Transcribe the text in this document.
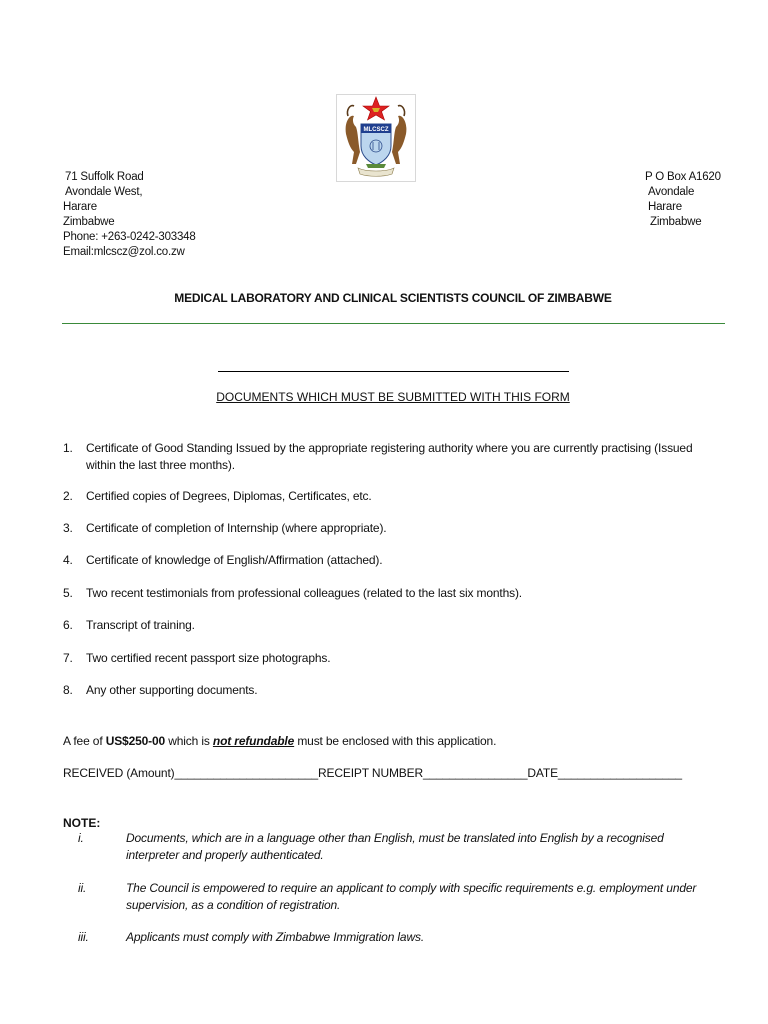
MLCSCZ
71 Suffolk Road
Avondale West,
Harare
Zimbabwe
Phone: +263-0242-303348
Email:mlcscz@zol.co.zw
P O Box A1620
Avondale
Harare
Zimbabwe
MEDICAL LABORATORY AND CLINICAL SCIENTISTS COUNCIL OF ZIMBABWE
DOCUMENTS WHICH MUST BE SUBMITTED WITH THIS FORM
1. Certificate of Good Standing Issued by the appropriate registering authority where you are currently practising (Issued within the last three months).
2. Certified copies of Degrees, Diplomas, Certificates, etc.
3. Certificate of completion of Internship (where appropriate).
4. Certificate of knowledge of English/Affirmation (attached).
5. Two recent testimonials from professional colleagues (related to the last six months).
6. Transcript of training.
7. Two certified recent passport size photographs.
8. Any other supporting documents.
A fee of US$250-00 which is not refundable must be enclosed with this application.
RECEIVED (Amount)______________________RECEIPT NUMBER________________DATE___________________
NOTE:
i.	Documents, which are in a language other than English, must be translated into English by a recognised interpreter and properly authenticated.
ii.	The Council is empowered to require an applicant to comply with specific requirements e.g. employment under supervision, as a condition of registration.
iii.	Applicants must comply with Zimbabwe Immigration laws.
